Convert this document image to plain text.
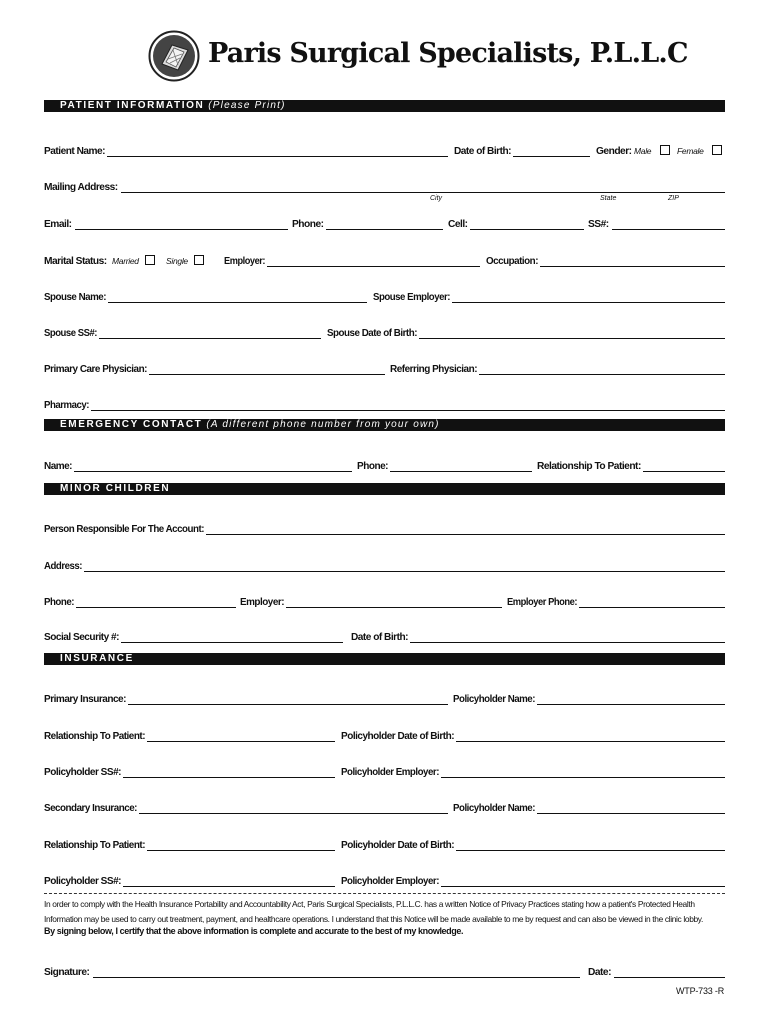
Paris Surgical Specialists, P.L.L.C
PATIENT INFORMATION (Please Print)
Patient Name:	Date of Birth:	Gender: Male	Female
Mailing Address:
City	State	ZIP
Email:	Phone:	Cell:	SS#:
Marital Status: Married	Single	Employer:	Occupation:
Spouse Name:	Spouse Employer:
Spouse SS#:	Spouse Date of Birth:
Primary Care Physician:	Referring Physician:
Pharmacy:
EMERGENCY CONTACT (A different phone number from your own)
Name:	Phone:	Relationship To Patient:
MINOR CHILDREN
Person Responsible For The Account:
Address:
Phone:	Employer:	Employer Phone:
Social Security #:	Date of Birth:
INSURANCE
Primary Insurance:	Policyholder Name:
Relationship To Patient:	Policyholder Date of Birth:
Policyholder SS#:	Policyholder Employer:
Secondary Insurance:	Policyholder Name:
Relationship To Patient:	Policyholder Date of Birth:
Policyholder SS#:	Policyholder Employer:
In order to comply with the Health Insurance Portability and Accountability Act, Paris Surgical Specialists, P.L.L.C. has a written Notice of Privacy Practices stating how a patient's Protected Health Information may be used to carry out treatment, payment, and healthcare operations. I understand that this Notice will be made available to me by request and can also be viewed in the clinic lobby.
By signing below, I certify that the above information is complete and accurate to the best of my knowledge.
Signature:	Date:
WTP-733 -R
